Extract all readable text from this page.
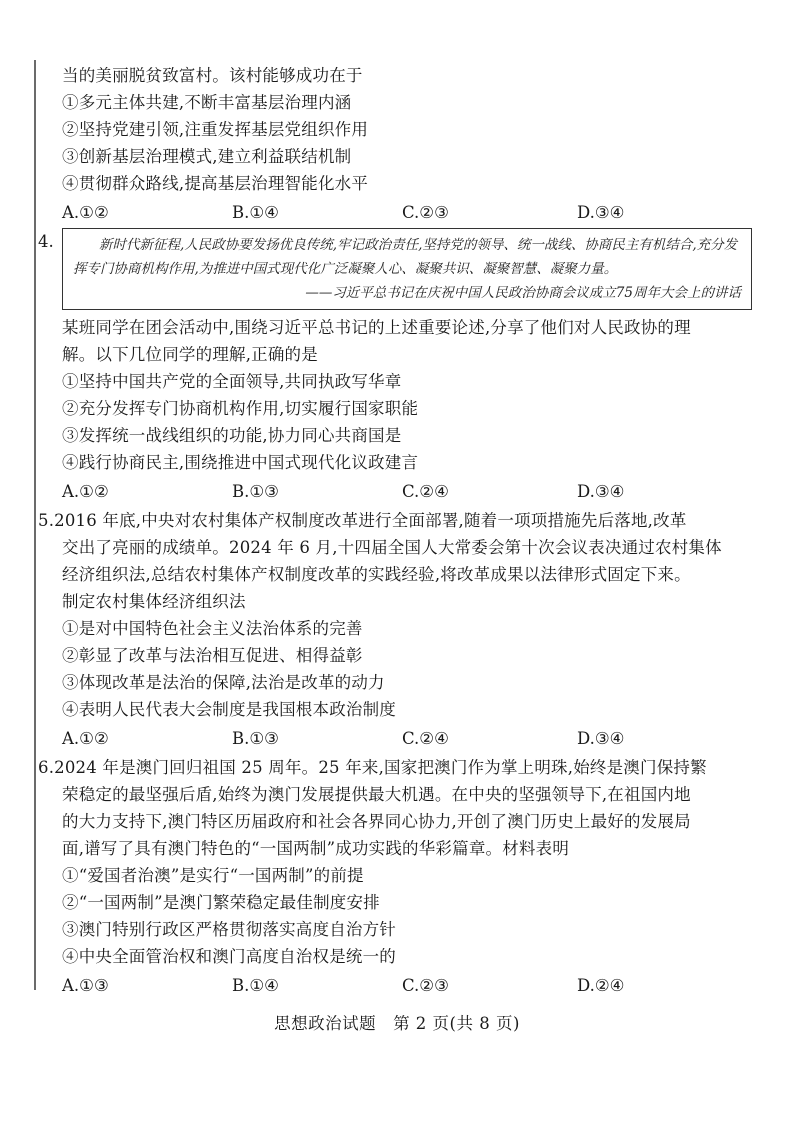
当的美丽脱贫致富村。该村能够成功在于
①多元主体共建,不断丰富基层治理内涵
②坚持党建引领,注重发挥基层党组织作用
③创新基层治理模式,建立利益联结机制
④贯彻群众路线,提高基层治理智能化水平
A.①②	B.①④	C.②③	D.③④
4.	新时代新征程,人民政协要发扬优良传统,牢记政治责任,坚持党的领导、统一战线、协商民主有机结合,充分发挥专门协商机构作用,为推进中国式现代化广泛凝聚人心、凝聚共识、凝聚智慧、凝聚力量。
——习近平总书记在庆祝中国人民政治协商会议成立75周年大会上的讲话
某班同学在团会活动中,围绕习近平总书记的上述重要论述,分享了他们对人民政协的理
解。以下几位同学的理解,正确的是
①坚持中国共产党的全面领导,共同执政写华章
②充分发挥专门协商机构作用,切实履行国家职能
③发挥统一战线组织的功能,协力同心共商国是
④践行协商民主,围绕推进中国式现代化议政建言
A.①②	B.①③	C.②④	D.③④
5.2016 年底,中央对农村集体产权制度改革进行全面部署,随着一项项措施先后落地,改革
交出了亮丽的成绩单。2024 年 6 月,十四届全国人大常委会第十次会议表决通过农村集体
经济组织法,总结农村集体产权制度改革的实践经验,将改革成果以法律形式固定下来。
制定农村集体经济组织法
①是对中国特色社会主义法治体系的完善
②彰显了改革与法治相互促进、相得益彰
③体现改革是法治的保障,法治是改革的动力
④表明人民代表大会制度是我国根本政治制度
A.①②	B.①③	C.②④	D.③④
6.2024 年是澳门回归祖国 25 周年。25 年来,国家把澳门作为掌上明珠,始终是澳门保持繁
荣稳定的最坚强后盾,始终为澳门发展提供最大机遇。在中央的坚强领导下,在祖国内地
的大力支持下,澳门特区历届政府和社会各界同心协力,开创了澳门历史上最好的发展局
面,谱写了具有澳门特色的“一国两制”成功实践的华彩篇章。材料表明
①“爱国者治澳”是实行“一国两制”的前提
②“一国两制”是澳门繁荣稳定最佳制度安排
③澳门特别行政区严格贯彻落实高度自治方针
④中央全面管治权和澳门高度自治权是统一的
A.①③	B.①④	C.②③	D.②④
思想政治试题　第 2 页(共 8 页)
